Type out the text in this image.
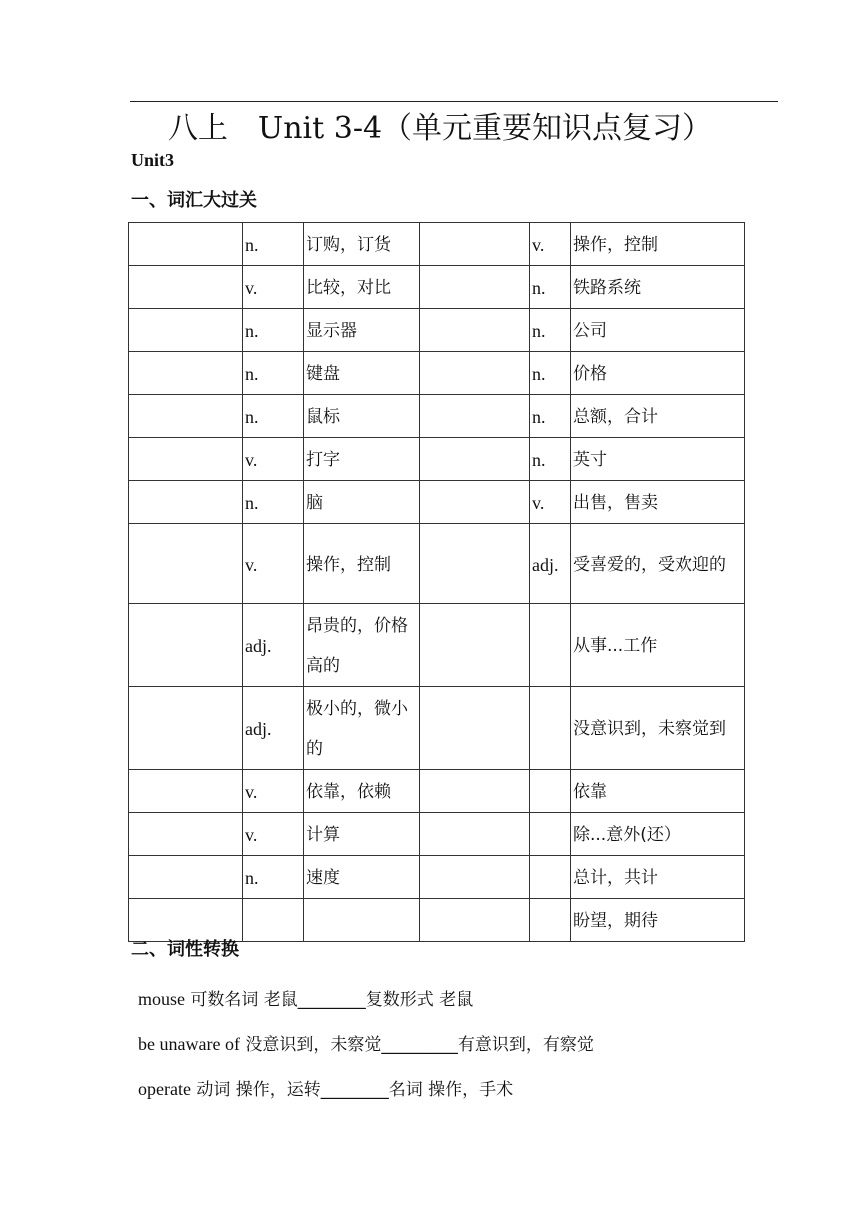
八上　Unit 3-4（单元重要知识点复习）
Unit3
一、词汇大过关
	n.	订购，订货		v.	操作，控制
	v.	比较，对比		n.	铁路系统
	n.	显示器		n.	公司
	n.	键盘		n.	价格
	n.	鼠标		n.	总额，合计
	v.	打字		n.	英寸
	n.	脑		v.	出售，售卖
	v.	操作，控制		adj.	受喜爱的，受欢迎的
	adj.	昂贵的，价格高的			从事...工作
	adj.	极小的，微小的			没意识到，未察觉到
	v.	依靠，依赖			依靠
	v.	计算			除...意外(还）
	n.	速度			总计，共计
					盼望，期待
二、词性转换
mouse 可数名词 老鼠________复数形式 老鼠
be unaware of 没意识到，未察觉_________有意识到，有察觉
operate 动词 操作，运转________名词 操作，手术
